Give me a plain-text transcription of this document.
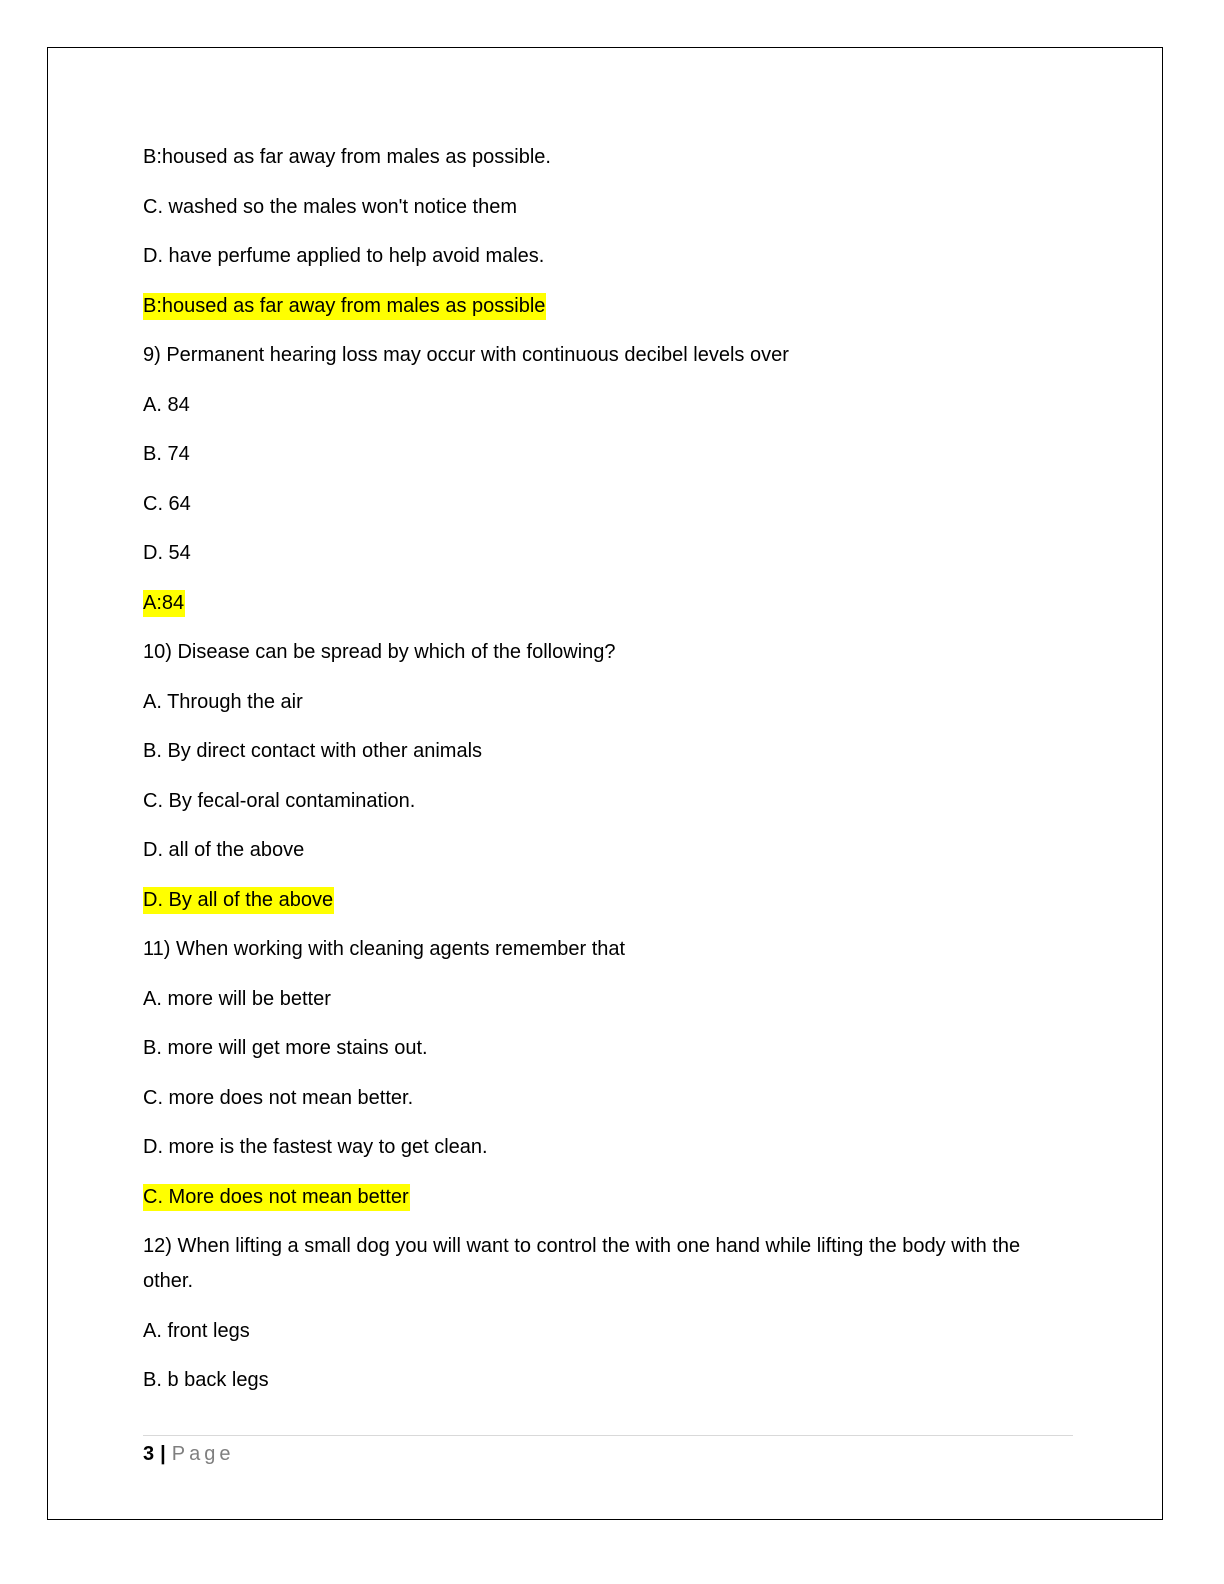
B:housed as far away from males as possible.
C. washed so the males won't notice them
D. have perfume applied to help avoid males.
B:housed as far away from males as possible
9) Permanent hearing loss may occur with continuous decibel levels over
A. 84
B. 74
C. 64
D. 54
A:84
10) Disease can be spread by which of the following?
A. Through the air
B. By direct contact with other animals
C. By fecal-oral contamination.
D. all of the above
D. By all of the above
11) When working with cleaning agents remember that
A. more will be better
B. more will get more stains out.
C. more does not mean better.
D. more is the fastest way to get clean.
C. More does not mean better
12) When lifting a small dog you will want to control the with one hand while lifting the body with the other.
A. front legs
B. b back legs
3 | Page
